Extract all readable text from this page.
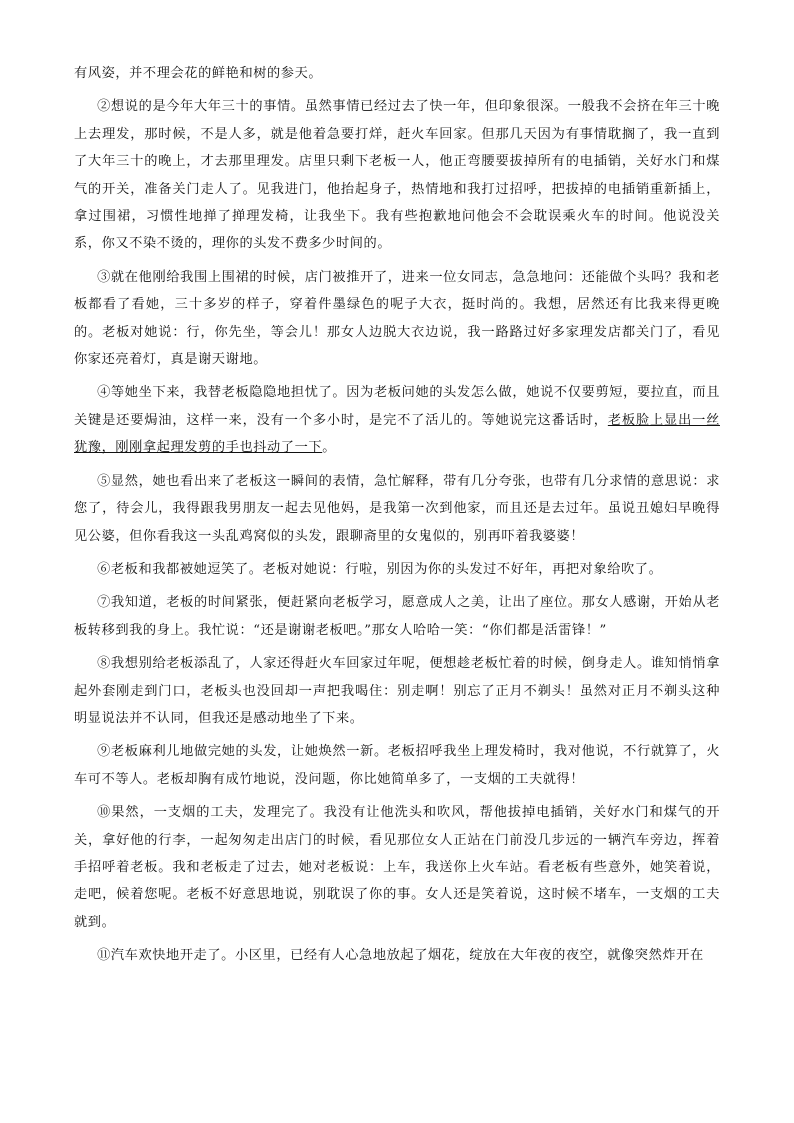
有风姿，并不理会花的鲜艳和树的参天。

②想说的是今年大年三十的事情。虽然事情已经过去了快一年，但印象很深。一般我不会挤在年三十晚上去理发，那时候，不是人多，就是他着急要打烊，赶火车回家。但那几天因为有事情耽搁了，我一直到了大年三十的晚上，才去那里理发。店里只剩下老板一人，他正弯腰要拔掉所有的电插销，关好水门和煤气的开关，准备关门走人了。见我进门，他抬起身子，热情地和我打过招呼，把拔掉的电插销重新插上，拿过围裙，习惯性地掸了掸理发椅，让我坐下。我有些抱歉地问他会不会耽误乘火车的时间。他说没关系，你又不染不烫的，理你的头发不费多少时间的。

③就在他刚给我围上围裙的时候，店门被推开了，进来一位女同志，急急地问：还能做个头吗？我和老板都看了看她，三十多岁的样子，穿着件墨绿色的呢子大衣，挺时尚的。我想，居然还有比我来得更晚的。老板对她说：行，你先坐，等会儿！那女人边脱大衣边说，我一路路过好多家理发店都关门了，看见你家还亮着灯，真是谢天谢地。

④等她坐下来，我替老板隐隐地担忧了。因为老板问她的头发怎么做，她说不仅要剪短，要拉直，而且关键是还要焗油，这样一来，没有一个多小时，是完不了活儿的。等她说完这番话时，老板脸上显出一丝犹豫，刚刚拿起理发剪的手也抖动了一下。

⑤显然，她也看出来了老板这一瞬间的表情，急忙解释，带有几分夸张，也带有几分求情的意思说：求您了，待会儿，我得跟我男朋友一起去见他妈，是我第一次到他家，而且还是去过年。虽说丑媳妇早晚得见公婆，但你看我这一头乱鸡窝似的头发，跟聊斋里的女鬼似的，别再吓着我婆婆！

⑥老板和我都被她逗笑了。老板对她说：行啦，别因为你的头发过不好年，再把对象给吹了。

⑦我知道，老板的时间紧张，便赶紧向老板学习，愿意成人之美，让出了座位。那女人感谢，开始从老板转移到我的身上。我忙说：“还是谢谢老板吧。”那女人哈哈一笑：“你们都是活雷锋！”

⑧我想别给老板添乱了，人家还得赶火车回家过年呢，便想趁老板忙着的时候，倒身走人。谁知悄悄拿起外套刚走到门口，老板头也没回却一声把我喝住：别走啊！别忘了正月不剃头！虽然对正月不剃头这种明显说法并不认同，但我还是感动地坐了下来。

⑨老板麻利儿地做完她的头发，让她焕然一新。老板招呼我坐上理发椅时，我对他说，不行就算了，火车可不等人。老板却胸有成竹地说，没问题，你比她简单多了，一支烟的工夫就得！

⑩果然，一支烟的工夫，发理完了。我没有让他洗头和吹风，帮他拔掉电插销，关好水门和煤气的开关，拿好他的行李，一起匆匆走出店门的时候，看见那位女人正站在门前没几步远的一辆汽车旁边，挥着手招呼着老板。我和老板走了过去，她对老板说：上车，我送你上火车站。看老板有些意外，她笑着说，走吧，候着您呢。老板不好意思地说，别耽误了你的事。女人还是笑着说，这时候不堵车，一支烟的工夫就到。

⑪汽车欢快地开走了。小区里，已经有人心急地放起了烟花，绽放在大年夜的夜空，就像突然炸开在
